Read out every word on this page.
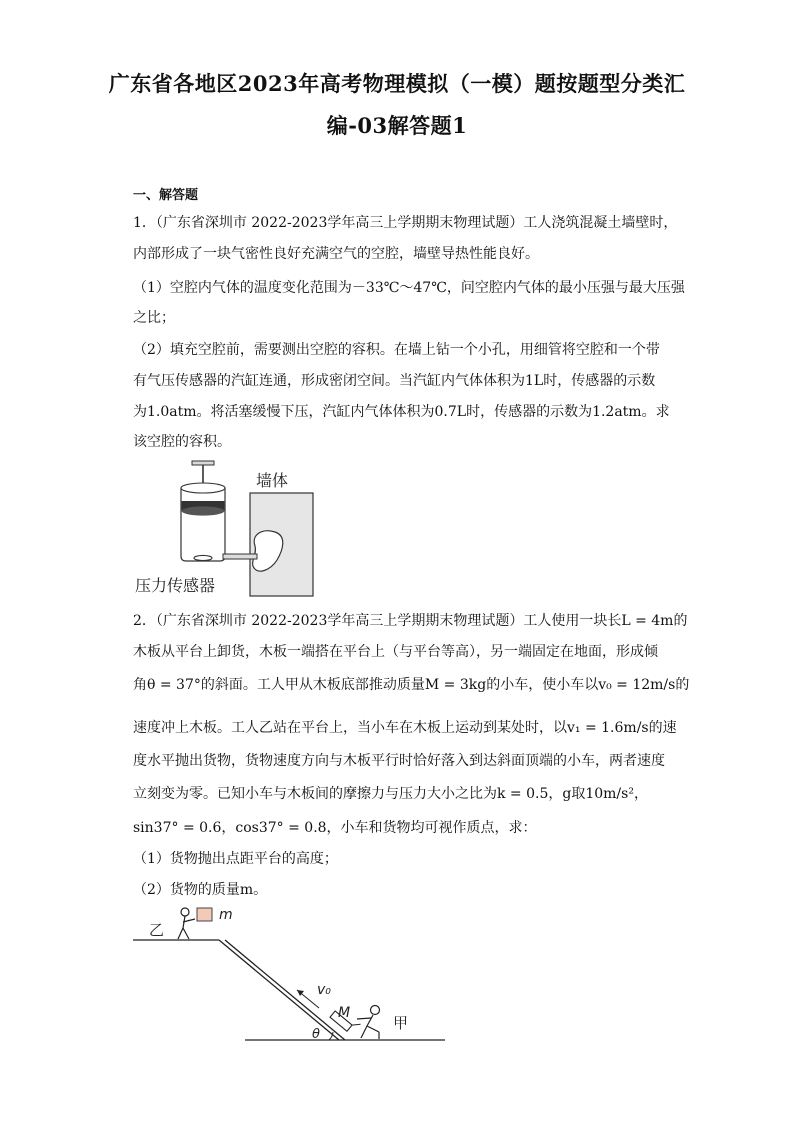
广东省各地区2023年高考物理模拟（一模）题按题型分类汇
编-03解答题1
一、解答题
1．（广东省深圳市 2022-2023学年高三上学期期末物理试题）工人浇筑混凝土墙壁时，
内部形成了一块气密性良好充满空气的空腔，墙壁导热性能良好。
（1）空腔内气体的温度变化范围为－33℃～47℃，问空腔内气体的最小压强与最大压强
之比；
（2）填充空腔前，需要测出空腔的容积。在墙上钻一个小孔，用细管将空腔和一个带
有气压传感器的汽缸连通，形成密闭空间。当汽缸内气体体积为1L时，传感器的示数
为1.0atm。将活塞缓慢下压，汽缸内气体体积为0.7L时，传感器的示数为1.2atm。求
该空腔的容积。
墙体
压力传感器
2．（广东省深圳市 2022-2023学年高三上学期期末物理试题）工人使用一块长L = 4m的
木板从平台上卸货，木板一端搭在平台上（与平台等高），另一端固定在地面，形成倾
角θ = 37°的斜面。工人甲从木板底部推动质量M = 3kg的小车，使小车以v₀ = 12m/s的
速度冲上木板。工人乙站在平台上，当小车在木板上运动到某处时，以v₁ = 1.6m/s的速
度水平抛出货物，货物速度方向与木板平行时恰好落入到达斜面顶端的小车，两者速度
立刻变为零。已知小车与木板间的摩擦力与压力大小之比为k = 0.5，g取10m/s²，
sin37° = 0.6，cos37° = 0.8，小车和货物均可视作质点，求：
（1）货物抛出点距平台的高度；
（2）货物的质量m。
θ
乙
m
v₀
M
甲
